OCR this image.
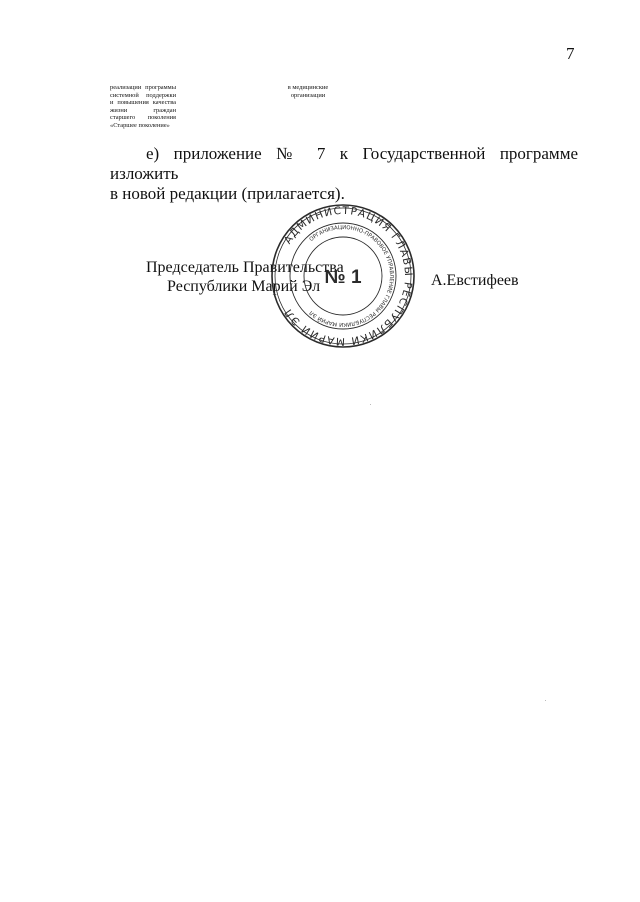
7
реализации программы
системной поддержки
и повышения качества
жизни граждан
старшего поколения
«Старшее поколение»
в медицинские
организации
е) приложение № 7 к Государственной программе изложить
в новой редакции (прилагается).
Председатель Правительства
Республики Марий Эл	А.Евстифеев
АДМИНИСТРАЦИЯ ГЛАВЫ РЕСПУБЛИКИ МАРИЙ ЭЛ
ОРГАНИЗАЦИОННО-ПРАВОВОЕ УПРАВЛЕНИЕ ГЛАВЫ РЕСПУБЛИКИ МАРИЙ ЭЛ
№ 1
